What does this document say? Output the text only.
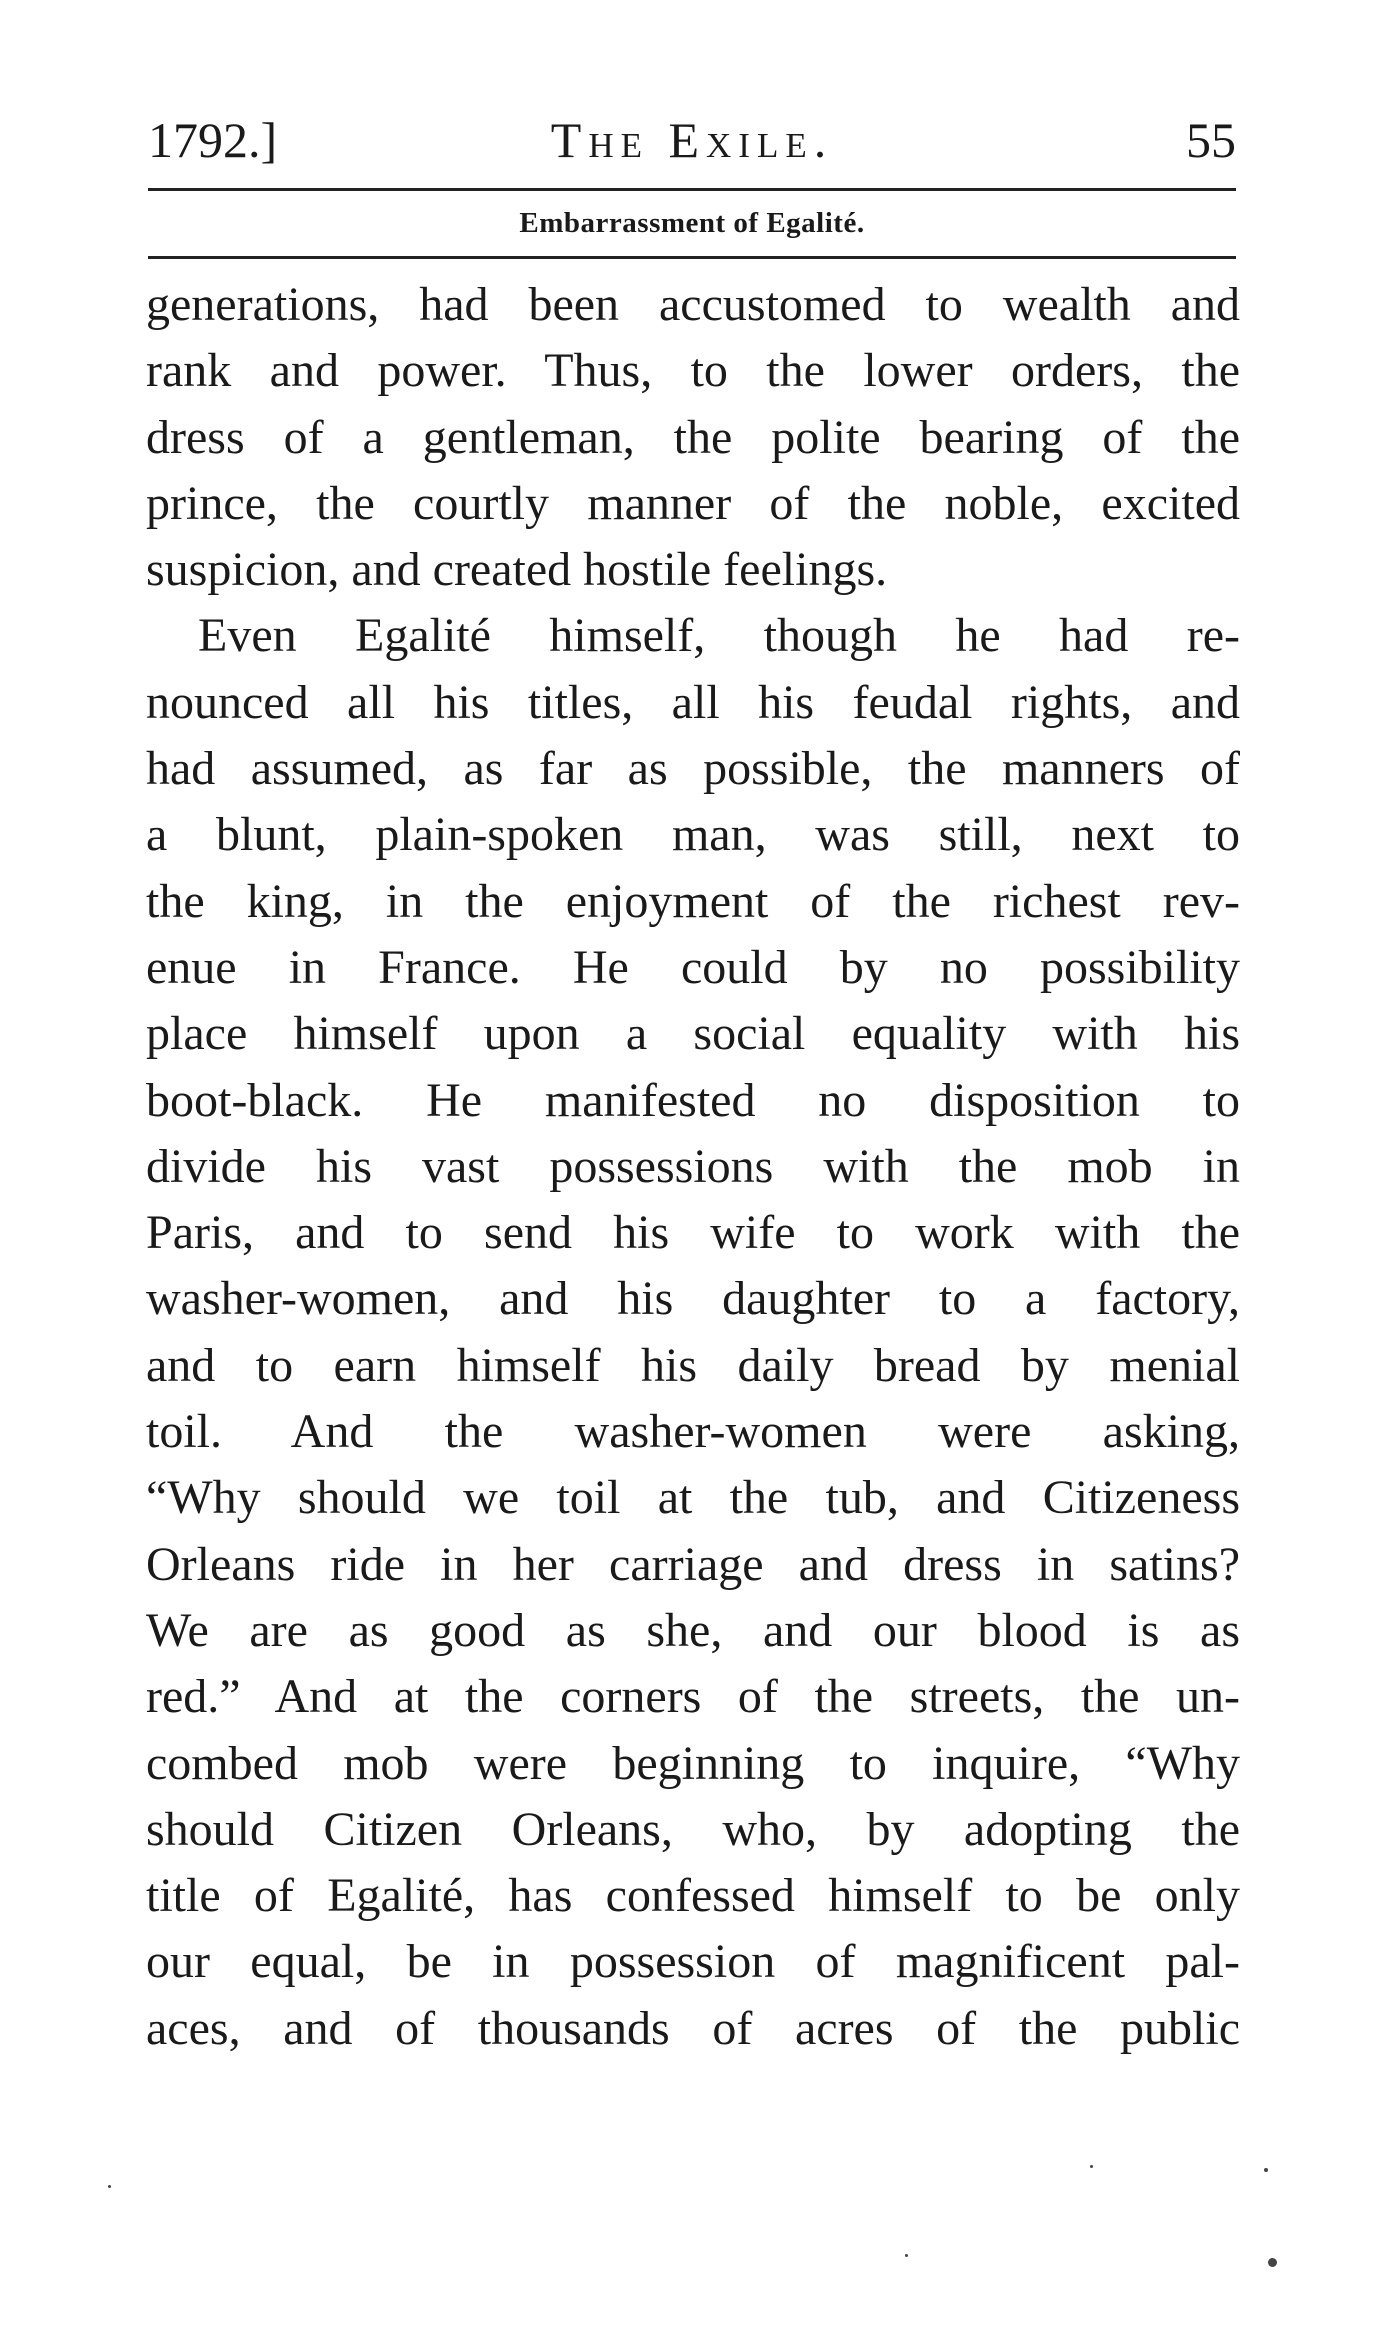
1792.]	The Exile.	55
Embarrassment of Egalité.
generations, had been accustomed to wealth and
rank and power. Thus, to the lower orders, the
dress of a gentleman, the polite bearing of the
prince, the courtly manner of the noble, excited
suspicion, and created hostile feelings.
Even Egalité himself, though he had re-
nounced all his titles, all his feudal rights, and
had assumed, as far as possible, the manners of
a blunt, plain-spoken man, was still, next to
the king, in the enjoyment of the richest rev-
enue in France. He could by no possibility
place himself upon a social equality with his
boot-black. He manifested no disposition to
divide his vast possessions with the mob in
Paris, and to send his wife to work with the
washer-women, and his daughter to a factory,
and to earn himself his daily bread by menial
toil. And the washer-women were asking,
“Why should we toil at the tub, and Citizeness
Orleans ride in her carriage and dress in satins?
We are as good as she, and our blood is as
red.” And at the corners of the streets, the un-
combed mob were beginning to inquire, “Why
should Citizen Orleans, who, by adopting the
title of Egalité, has confessed himself to be only
our equal, be in possession of magnificent pal-
aces, and of thousands of acres of the public
